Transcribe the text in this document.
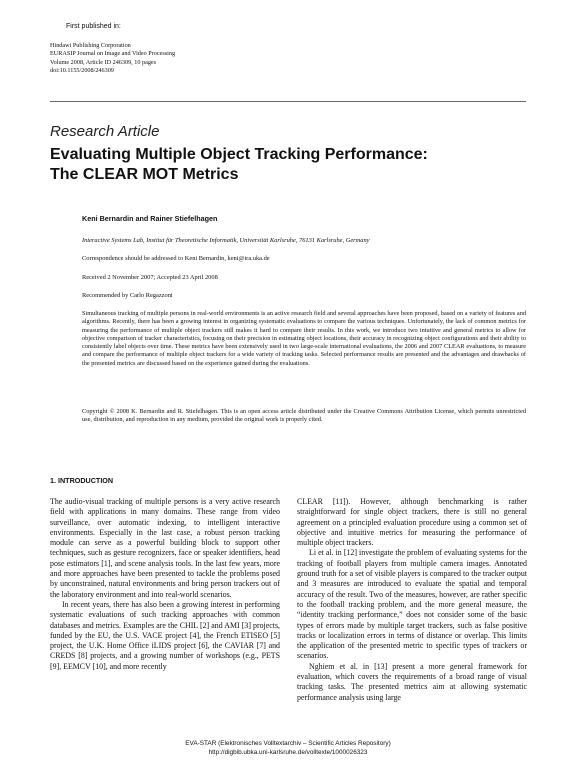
First published in:
Hindawi Publishing Corporation
EURASIP Journal on Image and Video Processing
Volume 2008, Article ID 246309, 10 pages
doi:10.1155/2008/246309
Research Article
Evaluating Multiple Object Tracking Performance:
The CLEAR MOT Metrics
Keni Bernardin and Rainer Stiefelhagen
Interactive Systems Lab, Institut für Theoretische Informatik, Universität Karlsruhe, 76131 Karlsruhe, Germany
Correspondence should be addressed to Keni Bernardin, keni@ira.uka.de
Received 2 November 2007; Accepted 23 April 2008
Recommended by Carlo Regazzoni
Simultaneous tracking of multiple persons in real-world environments is an active research field and several approaches have been proposed, based on a variety of features and algorithms. Recently, there has been a growing interest in organizing systematic evaluations to compare the various techniques. Unfortunately, the lack of common metrics for measuring the performance of multiple object trackers still makes it hard to compare their results. In this work, we introduce two intuitive and general metrics to allow for objective comparison of tracker characteristics, focusing on their precision in estimating object locations, their accuracy in recognizing object configurations and their ability to consistently label objects over time. These metrics have been extensively used in two large-scale international evaluations, the 2006 and 2007 CLEAR evaluations, to measure and compare the performance of multiple object trackers for a wide variety of tracking tasks. Selected performance results are presented and the advantages and drawbacks of the presented metrics are discussed based on the experience gained during the evaluations.
Copyright © 2008 K. Bernardin and R. Stiefelhagen. This is an open access article distributed under the Creative Commons Attribution License, which permits unrestricted use, distribution, and reproduction in any medium, provided the original work is properly cited.
1. INTRODUCTION

The audio-visual tracking of multiple persons is a very active research field with applications in many domains. These range from video surveillance, over automatic indexing, to intelligent interactive environments. Especially in the last case, a robust person tracking module can serve as a powerful building block to support other techniques, such as gesture recognizers, face or speaker identifiers, head pose estimators [1], and scene analysis tools. In the last few years, more and more approaches have been presented to tackle the problems posed by unconstrained, natural environments and bring person trackers out of the laboratory environment and into real-world scenarios.

In recent years, there has also been a growing interest in performing systematic evaluations of such tracking approaches with common databases and metrics. Examples are the CHIL [2] and AMI [3] projects, funded by the EU, the U.S. VACE project [4], the French ETISEO [5] project, the U.K. Home Office iLIDS project [6], the CAVIAR [7] and CREDS [8] projects, and a growing number of workshops (e.g., PETS [9], EEMCV [10], and more recently

CLEAR [11]). However, although benchmarking is rather straightforward for single object trackers, there is still no general agreement on a principled evaluation procedure using a common set of objective and intuitive metrics for measuring the performance of multiple object trackers.

Li et al. in [12] investigate the problem of evaluating systems for the tracking of football players from multiple camera images. Annotated ground truth for a set of visible players is compared to the tracker output and 3 measures are introduced to evaluate the spatial and temporal accuracy of the result. Two of the measures, however, are rather specific to the football tracking problem, and the more general measure, the “identity tracking performance,” does not consider some of the basic types of errors made by multiple target trackers, such as false positive tracks or localization errors in terms of distance or overlap. This limits the application of the presented metric to specific types of trackers or scenarios.

Nghiem et al. in [13] present a more general framework for evaluation, which covers the requirements of a broad range of visual tracking tasks. The presented metrics aim at allowing systematic performance analysis using large

EVA-STAR (Elektronisches Volltextarchiv – Scientific Articles Repository)
http://digbib.ubka.uni-karlsruhe.de/volltexte/1000026323
